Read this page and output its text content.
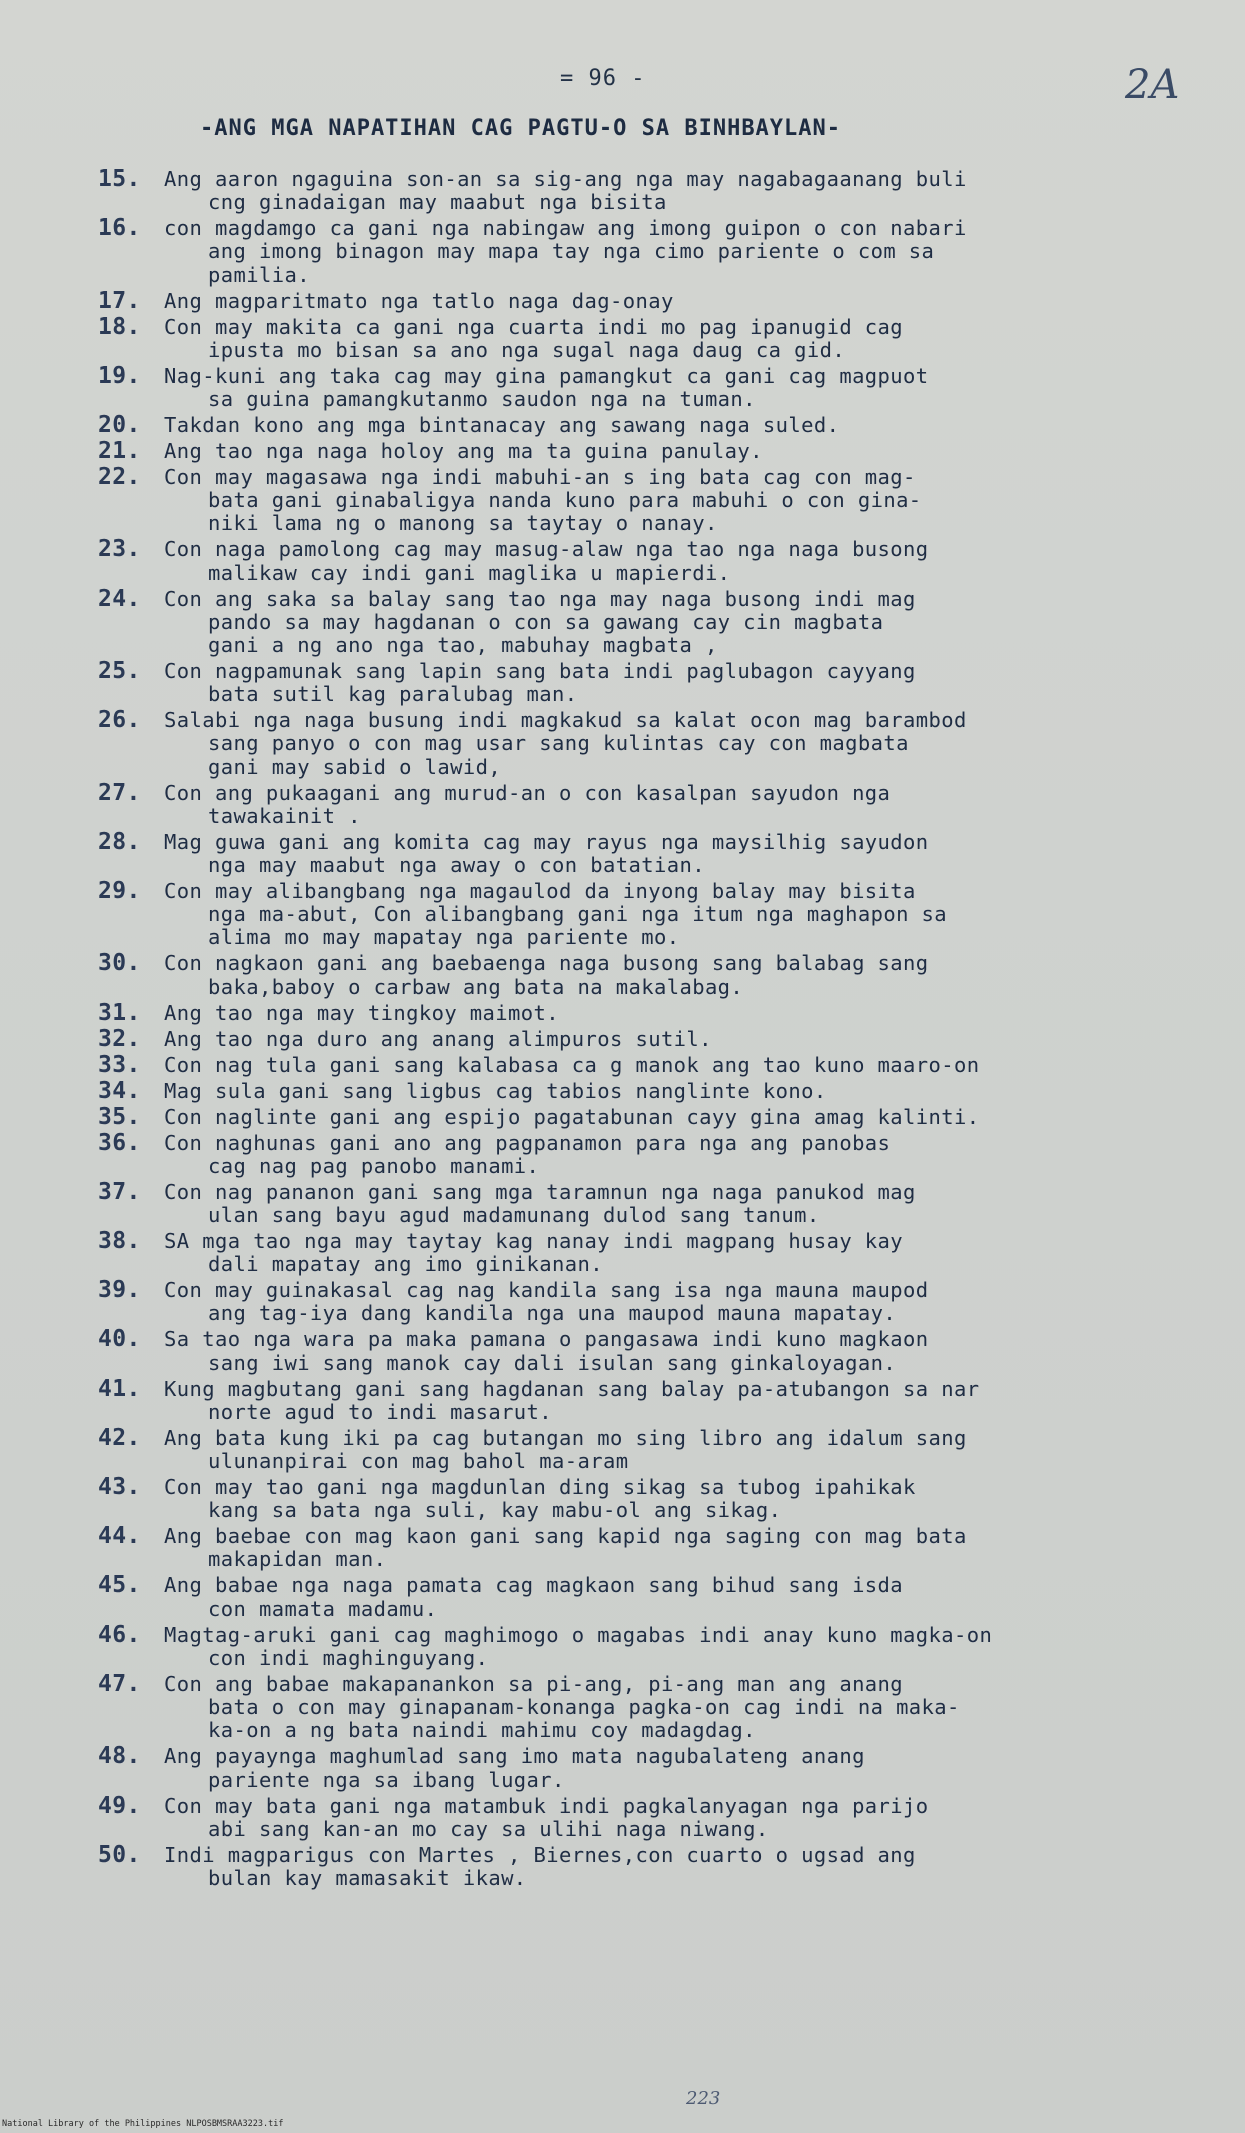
= 96 -	2A
-ANG MGA NAPATIHAN CAG PAGTU-O SA BINHBAYLAN-
15.	Ang aaron ngaguina son-an sa sig-ang nga may nagabagaanang buli
cng ginadaigan may maabut nga bisita
16.	con magdamgo ca gani nga nabingaw ang imong guipon o con nabari
ang imong binagon may mapa tay nga cimo pariente o com sa
pamilia.
17.	Ang magparitmato nga tatlo naga dag-onay
18.	Con may makita ca gani nga cuarta indi mo pag ipanugid cag
ipusta mo bisan sa ano nga sugal naga daug ca gid.
19.	Nag-kuni ang taka cag may gina pamangkut ca gani cag magpuot
sa guina pamangkutanmo saudon nga na tuman.
20.	Takdan kono ang mga bintanacay ang sawang naga suled.
21.	Ang tao nga naga holoy ang ma ta guina panulay.
22.	Con may magasawa nga indi mabuhi-an s ing bata cag con mag-
bata gani ginabaligya nanda kuno para mabuhi o con gina-
niki lama ng o manong sa taytay o nanay.
23.	Con naga pamolong cag may masug-alaw nga tao nga naga busong
malikaw cay indi gani maglika u mapierdi.
24.	Con ang saka sa balay sang tao nga may naga busong indi mag
pando sa may hagdanan o con sa gawang cay cin magbata
gani a ng ano nga tao, mabuhay magbata ,
25.	Con nagpamunak sang lapin sang bata indi paglubagon cayyang
bata sutil kag paralubag man.
26.	Salabi nga naga busung indi magkakud sa kalat ocon mag barambod
sang panyo o con mag usar sang kulintas cay con magbata
gani may sabid o lawid,
27.	Con ang pukaagani ang murud-an o con kasalpan sayudon nga
tawakainit .
28.	Mag guwa gani ang komita cag may rayus nga maysilhig sayudon
nga may maabut nga away o con batatian.
29.	Con may alibangbang nga magaulod da inyong balay may bisita
nga ma-abut, Con alibangbang gani nga itum nga maghapon sa
alima mo may mapatay nga pariente mo.
30.	Con nagkaon gani ang baebaenga naga busong sang balabag sang
baka,baboy o carbaw ang bata na makalabag.
31.	Ang tao nga may tingkoy maimot.
32.	Ang tao nga duro ang anang alimpuros sutil.
33.	Con nag tula gani sang kalabasa ca g manok ang tao kuno maaro-on
34.	Mag sula gani sang ligbus cag tabios nanglinte kono.
35.	Con naglinte gani ang espijo pagatabunan cayy gina amag kalinti.
36.	Con naghunas gani ano ang pagpanamon para nga ang panobas
cag nag pag panobo manami.
37.	Con nag pananon gani sang mga taramnun nga naga panukod mag
ulan sang bayu agud madamunang dulod sang tanum.
38.	SA mga tao nga may taytay kag nanay indi magpang husay kay
dali mapatay ang imo ginikanan.
39.	Con may guinakasal cag nag kandila sang isa nga mauna maupod
ang tag-iya dang kandila nga una maupod mauna mapatay.
40.	Sa tao nga wara pa maka pamana o pangasawa indi kuno magkaon
sang iwi sang manok cay dali isulan sang ginkaloyagan.
41.	Kung magbutang gani sang hagdanan sang balay pa-atubangon sa nar
norte agud to indi masarut.
42.	Ang bata kung iki pa cag butangan mo sing libro ang idalum sang
ulunanpirai con mag bahol ma-aram
43.	Con may tao gani nga magdunlan ding sikag sa tubog ipahikak
kang sa bata nga suli, kay mabu-ol ang sikag.
44.	Ang baebae con mag kaon gani sang kapid nga saging con mag bata
makapidan man.
45.	Ang babae nga naga pamata cag magkaon sang bihud sang isda
con mamata madamu.
46.	Magtag-aruki gani cag maghimogo o magabas indi anay kuno magka-on
con indi maghinguyang.
47.	Con ang babae makapanankon sa pi-ang, pi-ang man ang anang
bata o con may ginapanam-konanga pagka-on cag indi na maka-
ka-on a ng bata naindi mahimu coy madagdag.
48.	Ang payaynga maghumlad sang imo mata nagubalateng anang
pariente nga sa ibang lugar.
49.	Con may bata gani nga matambuk indi pagkalanyagan nga parijo
abi sang kan-an mo cay sa ulihi naga niwang.
50.	Indi magparigus con Martes , Biernes,con cuarto o ugsad ang
bulan kay mamasakit ikaw.
223
National Library of the Philippines NLPOSBMSRAA3223.tif
